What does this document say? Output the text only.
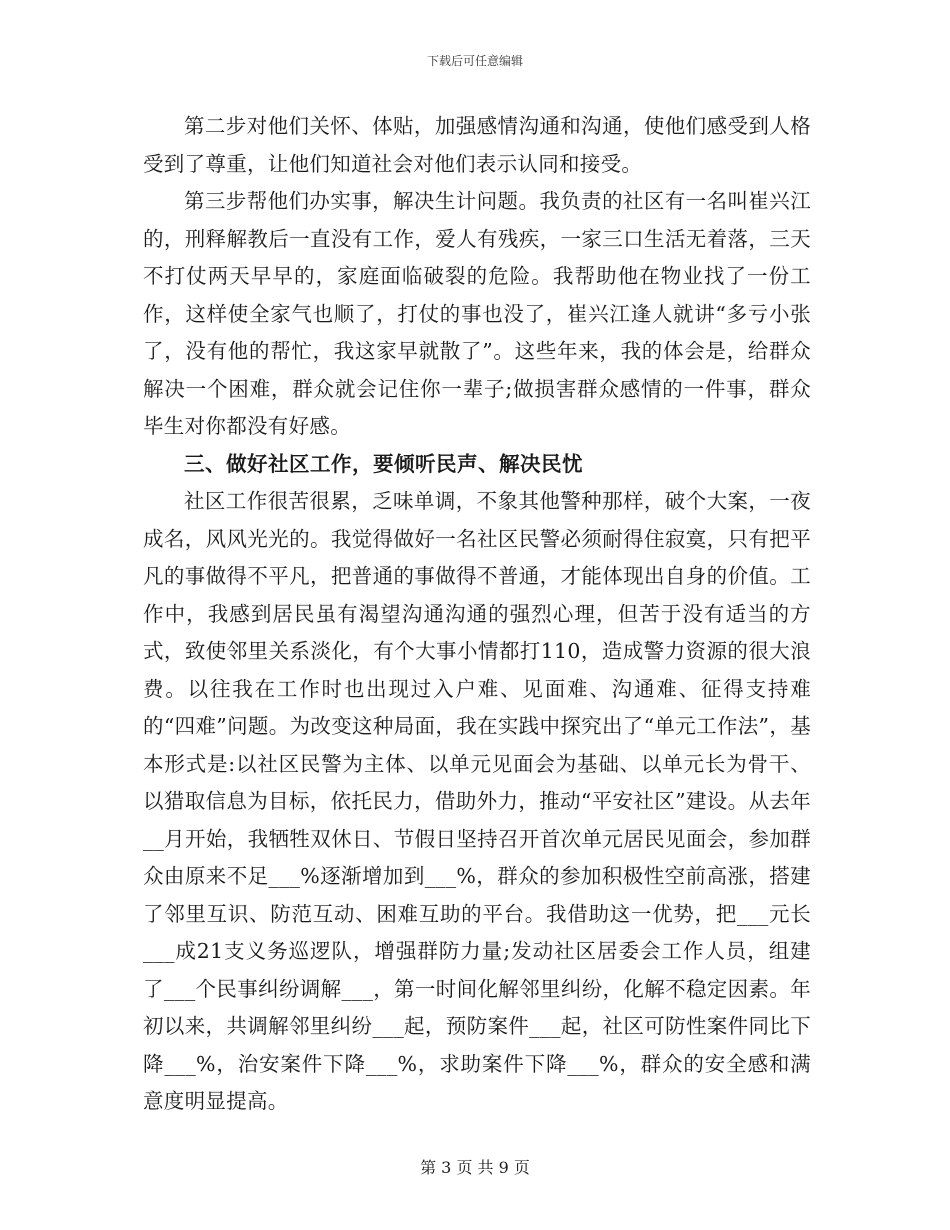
下载后可任意编辑

第二步对他们关怀、体贴，加强感情沟通和沟通，使他们感受到人格受到了尊重，让他们知道社会对他们表示认同和接受。

第三步帮他们办实事，解决生计问题。我负责的社区有一名叫崔兴江的，刑释解教后一直没有工作，爱人有残疾，一家三口生活无着落，三天不打仗两天早早的，家庭面临破裂的危险。我帮助他在物业找了一份工作，这样使全家气也顺了，打仗的事也没了，崔兴江逢人就讲“多亏小张了，没有他的帮忙，我这家早就散了”。这些年来，我的体会是，给群众解决一个困难，群众就会记住你一辈子;做损害群众感情的一件事，群众毕生对你都没有好感。

三、做好社区工作，要倾听民声、解决民忧

社区工作很苦很累，乏味单调，不象其他警种那样，破个大案，一夜成名，风风光光的。我觉得做好一名社区民警必须耐得住寂寞，只有把平凡的事做得不平凡，把普通的事做得不普通，才能体现出自身的价值。工作中，我感到居民虽有渴望沟通沟通的强烈心理，但苦于没有适当的方式，致使邻里关系淡化，有个大事小情都打110，造成警力资源的很大浪费。以往我在工作时也出现过入户难、见面难、沟通难、征得支持难的“四难”问题。为改变这种局面，我在实践中探究出了“单元工作法”，基本形式是:以社区民警为主体、以单元见面会为基础、以单元长为骨干、以猎取信息为目标，依托民力，借助外力，推动“平安社区”建设。从去年__月开始，我牺牲双休日、节假日坚持召开首次单元居民见面会，参加群众由原来不足___%逐渐增加到___%，群众的参加积极性空前高涨，搭建了邻里互识、防范互动、困难互助的平台。我借助这一优势，把___元长___成21支义务巡逻队，增强群防力量;发动社区居委会工作人员，组建了___个民事纠纷调解___，第一时间化解邻里纠纷，化解不稳定因素。年初以来，共调解邻里纠纷___起，预防案件___起，社区可防性案件同比下降___%，治安案件下降___%，求助案件下降___%，群众的安全感和满意度明显提高。

第 3 页 共 9 页
